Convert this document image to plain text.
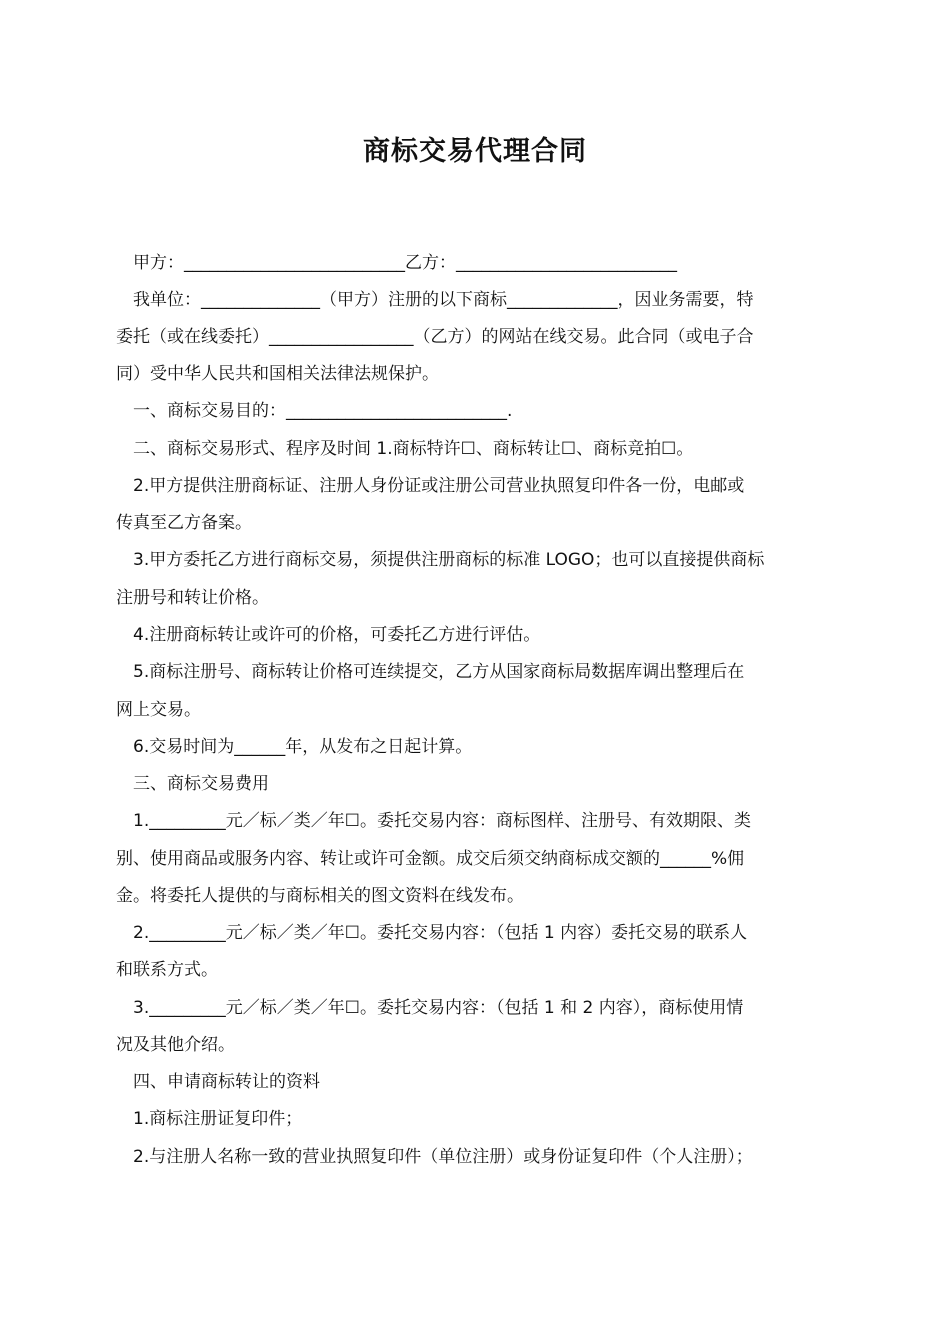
商标交易代理合同
　甲方：__________________________乙方：__________________________
　我单位：______________（甲方）注册的以下商标_____________，因业务需要，特
委托（或在线委托）_________________（乙方）的网站在线交易。此合同（或电子合
同）受中华人民共和国相关法律法规保护。
　一、商标交易目的：__________________________.
　二、商标交易形式、程序及时间 1.商标特许☐、商标转让☐、商标竞拍☐。
　2.甲方提供注册商标证、注册人身份证或注册公司营业执照复印件各一份，电邮或
传真至乙方备案。
　3.甲方委托乙方进行商标交易，须提供注册商标的标准 LOGO；也可以直接提供商标
注册号和转让价格。
　4.注册商标转让或许可的价格，可委托乙方进行评估。
　5.商标注册号、商标转让价格可连续提交，乙方从国家商标局数据库调出整理后在
网上交易。
　6.交易时间为______年，从发布之日起计算。
　三、商标交易费用
　1._________元／标／类／年☐。委托交易内容：商标图样、注册号、有效期限、类
别、使用商品或服务内容、转让或许可金额。成交后须交纳商标成交额的______%佣
金。将委托人提供的与商标相关的图文资料在线发布。
　2._________元／标／类／年☐。委托交易内容：（包括 1 内容）委托交易的联系人
和联系方式。
　3._________元／标／类／年☐。委托交易内容：（包括 1 和 2 内容），商标使用情
况及其他介绍。
　四、申请商标转让的资料
　1.商标注册证复印件；
　2.与注册人名称一致的营业执照复印件（单位注册）或身份证复印件（个人注册）；
